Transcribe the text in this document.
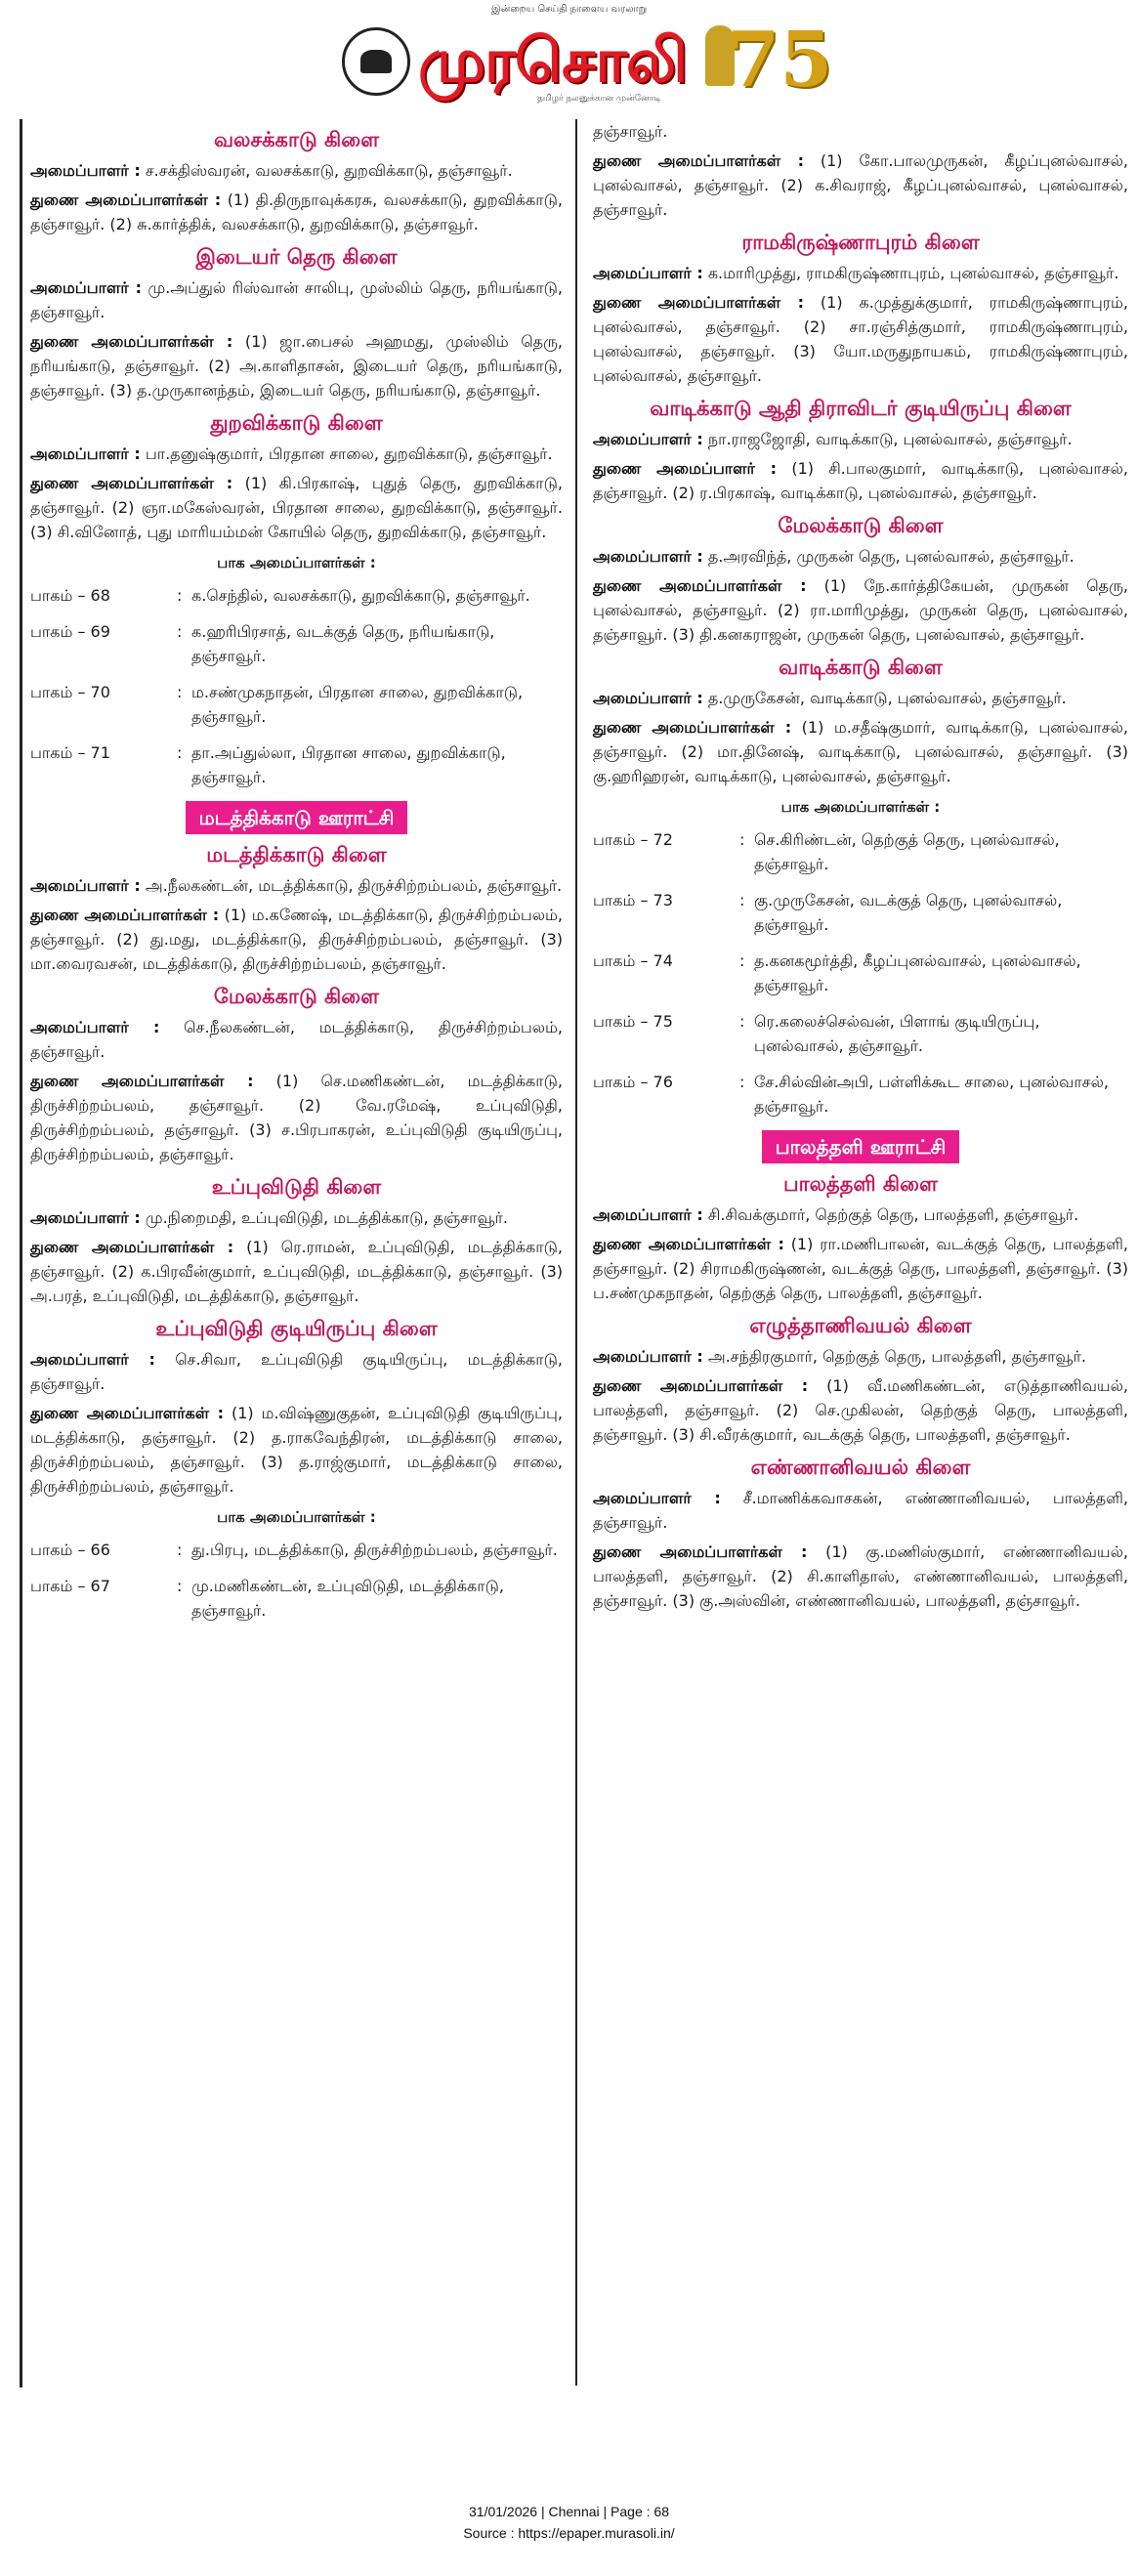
இன்றைய செய்தி நாளைய வரலாறு
முரசொலி 75
தமிழர் நலனுக்கான முன்னோடி
வலசக்காடு கிளை
அமைப்பாளர் : ச.சக்திஸ்வரன், வலசக்காடு, துறவிக்காடு, தஞ்சாவூர்.
துணை அமைப்பாளர்கள் : (1) தி.திருநாவுக்கரசு, வலசக்காடு, துறவிக்காடு, தஞ்சாவூர். (2) சு.கார்த்திக், வலசக்காடு, துறவிக்காடு, தஞ்சாவூர்.
இடையர் தெரு கிளை
அமைப்பாளர் : மு.அப்துல் ரிஸ்வான் சாலிபு, முஸ்லிம் தெரு, நரியங்காடு, தஞ்சாவூர்.
துணை அமைப்பாளர்கள் : (1) ஜா.பைசல் அஹமது, முஸ்லிம் தெரு, நரியங்காடு, தஞ்சாவூர். (2) அ.காளிதாசன், இடையர் தெரு, நரியங்காடு, தஞ்சாவூர். (3) த.முருகானந்தம், இடையர் தெரு, நரியங்காடு, தஞ்சாவூர்.
துறவிக்காடு கிளை
அமைப்பாளர் : பா.தனுஷ்குமார், பிரதான சாலை, துறவிக்காடு, தஞ்சாவூர்.
துணை அமைப்பாளர்கள் : (1) கி.பிரகாஷ், புதுத் தெரு, துறவிக்காடு, தஞ்சாவூர். (2) ஞா.மகேஸ்வரன், பிரதான சாலை, துறவிக்காடு, தஞ்சாவூர். (3) சி.வினோத், புது மாரியம்மன் கோயில் தெரு, துறவிக்காடு, தஞ்சாவூர்.
பாக அமைப்பாளர்கள் :
பாகம் – 68	: க.செந்தில், வலசக்காடு, துறவிக்காடு, தஞ்சாவூர்.
பாகம் – 69	: க.ஹரிபிரசாத், வடக்குத் தெரு, நரியங்காடு, தஞ்சாவூர்.
பாகம் – 70	: ம.சண்முகநாதன், பிரதான சாலை, துறவிக்காடு, தஞ்சாவூர்.
பாகம் – 71	: தா.அப்துல்லா, பிரதான சாலை, துறவிக்காடு, தஞ்சாவூர்.
மடத்திக்காடு ஊராட்சி
மடத்திக்காடு கிளை
அமைப்பாளர் : அ.நீலகண்டன், மடத்திக்காடு, திருச்சிற்றம்பலம், தஞ்சாவூர்.
துணை அமைப்பாளர்கள் : (1) ம.கணேஷ், மடத்திக்காடு, திருச்சிற்றம்பலம், தஞ்சாவூர். (2) து.மது, மடத்திக்காடு, திருச்சிற்றம்பலம், தஞ்சாவூர். (3) மா.வைரவசன், மடத்திக்காடு, திருச்சிற்றம்பலம், தஞ்சாவூர்.
மேலக்காடு கிளை
அமைப்பாளர் : செ.நீலகண்டன், மடத்திக்காடு, திருச்சிற்றம்பலம், தஞ்சாவூர்.
துணை அமைப்பாளர்கள் : (1) செ.மணிகண்டன், மடத்திக்காடு, திருச்சிற்றம்பலம், தஞ்சாவூர். (2) வே.ரமேஷ், உப்புவிடுதி, திருச்சிற்றம்பலம், தஞ்சாவூர். (3) ச.பிரபாகரன், உப்புவிடுதி குடியிருப்பு, திருச்சிற்றம்பலம், தஞ்சாவூர்.
உப்புவிடுதி கிளை
அமைப்பாளர் : மு.நிறைமதி, உப்புவிடுதி, மடத்திக்காடு, தஞ்சாவூர்.
துணை அமைப்பாளர்கள் : (1) ரெ.ராமன், உப்புவிடுதி, மடத்திக்காடு, தஞ்சாவூர். (2) க.பிரவீன்குமார், உப்புவிடுதி, மடத்திக்காடு, தஞ்சாவூர். (3) அ.பரத், உப்புவிடுதி, மடத்திக்காடு, தஞ்சாவூர்.
உப்புவிடுதி குடியிருப்பு கிளை
அமைப்பாளர் : செ.சிவா, உப்புவிடுதி குடியிருப்பு, மடத்திக்காடு, தஞ்சாவூர்.
துணை அமைப்பாளர்கள் : (1) ம.விஷ்ணுகுதன், உப்புவிடுதி குடியிருப்பு, மடத்திக்காடு, தஞ்சாவூர். (2) த.ராகவேந்திரன், மடத்திக்காடு சாலை, திருச்சிற்றம்பலம், தஞ்சாவூர். (3) த.ராஜ்குமார், மடத்திக்காடு சாலை, திருச்சிற்றம்பலம், தஞ்சாவூர்.
பாக அமைப்பாளர்கள் :
பாகம் – 66	: து.பிரபு, மடத்திக்காடு, திருச்சிற்றம்பலம், தஞ்சாவூர்.
பாகம் – 67	: மு.மணிகண்டன், உப்புவிடுதி, மடத்திக்காடு, தஞ்சாவூர்.
தஞ்சாவூர்.
துணை அமைப்பாளர்கள் : (1) கோ.பாலமுருகன், கீழப்புனல்வாசல், புனல்வாசல், தஞ்சாவூர். (2) க.சிவராஜ், கீழப்புனல்வாசல், புனல்வாசல், தஞ்சாவூர்.
ராமகிருஷ்ணாபுரம் கிளை
அமைப்பாளர் : க.மாரிமுத்து, ராமகிருஷ்ணாபுரம், புனல்வாசல், தஞ்சாவூர்.
துணை அமைப்பாளர்கள் : (1) க.முத்துக்குமார், ராமகிருஷ்ணாபுரம், புனல்வாசல், தஞ்சாவூர். (2) சா.ரஞ்சித்குமார், ராமகிருஷ்ணாபுரம், புனல்வாசல், தஞ்சாவூர். (3) யோ.மருதுநாயகம், ராமகிருஷ்ணாபுரம், புனல்வாசல், தஞ்சாவூர்.
வாடிக்காடு ஆதி திராவிடர் குடியிருப்பு கிளை
அமைப்பாளர் : நா.ராஜஜோதி, வாடிக்காடு, புனல்வாசல், தஞ்சாவூர்.
துணை அமைப்பாளர் : (1) சி.பாலகுமார், வாடிக்காடு, புனல்வாசல், தஞ்சாவூர். (2) ர.பிரகாஷ், வாடிக்காடு, புனல்வாசல், தஞ்சாவூர்.
மேலக்காடு கிளை
அமைப்பாளர் : த.அரவிந்த், முருகன் தெரு, புனல்வாசல், தஞ்சாவூர்.
துணை அமைப்பாளர்கள் : (1) நே.கார்த்திகேயன், முருகன் தெரு, புனல்வாசல், தஞ்சாவூர். (2) ரா.மாரிமுத்து, முருகன் தெரு, புனல்வாசல், தஞ்சாவூர். (3) தி.கனகராஜன், முருகன் தெரு, புனல்வாசல், தஞ்சாவூர்.
வாடிக்காடு கிளை
அமைப்பாளர் : த.முருகேசன், வாடிக்காடு, புனல்வாசல், தஞ்சாவூர்.
துணை அமைப்பாளர்கள் : (1) ம.சதீஷ்குமார், வாடிக்காடு, புனல்வாசல், தஞ்சாவூர். (2) மா.தினேஷ், வாடிக்காடு, புனல்வாசல், தஞ்சாவூர். (3) கு.ஹரிஹரன், வாடிக்காடு, புனல்வாசல், தஞ்சாவூர்.
பாக அமைப்பாளர்கள் :
பாகம் – 72	: செ.கிரிண்டன், தெற்குத் தெரு, புனல்வாசல், தஞ்சாவூர்.
பாகம் – 73	: கு.முருகேசன், வடக்குத் தெரு, புனல்வாசல், தஞ்சாவூர்.
பாகம் – 74	: த.கனகமூர்த்தி, கீழப்புனல்வாசல், புனல்வாசல், தஞ்சாவூர்.
பாகம் – 75	: ரெ.கலைச்செல்வன், பிளாங் குடியிருப்பு, புனல்வாசல், தஞ்சாவூர்.
பாகம் – 76	: சே.சில்வின்அபி, பள்ளிக்கூட சாலை, புனல்வாசல், தஞ்சாவூர்.
பாலத்தளி ஊராட்சி
பாலத்தளி கிளை
அமைப்பாளர் : சி.சிவக்குமார், தெற்குத் தெரு, பாலத்தளி, தஞ்சாவூர்.
துணை அமைப்பாளர்கள் : (1) ரா.மணிபாலன், வடக்குத் தெரு, பாலத்தளி, தஞ்சாவூர். (2) சிராமகிருஷ்ணன், வடக்குத் தெரு, பாலத்தளி, தஞ்சாவூர். (3) ப.சண்முகநாதன், தெற்குத் தெரு, பாலத்தளி, தஞ்சாவூர்.
எழுத்தாணிவயல் கிளை
அமைப்பாளர் : அ.சந்திரகுமார், தெற்குத் தெரு, பாலத்தளி, தஞ்சாவூர்.
துணை அமைப்பாளர்கள் : (1) வீ.மணிகண்டன், எடுத்தாணிவயல், பாலத்தளி, தஞ்சாவூர். (2) செ.முகிலன், தெற்குத் தெரு, பாலத்தளி, தஞ்சாவூர். (3) சி.வீரக்குமார், வடக்குத் தெரு, பாலத்தளி, தஞ்சாவூர்.
எண்ணானிவயல் கிளை
அமைப்பாளர் : சீ.மாணிக்கவாசகன், எண்ணானிவயல், பாலத்தளி, தஞ்சாவூர்.
துணை அமைப்பாளர்கள் : (1) கு.மணிஸ்குமார், எண்ணானிவயல், பாலத்தளி, தஞ்சாவூர். (2) சி.காளிதாஸ், எண்ணானிவயல், பாலத்தளி, தஞ்சாவூர். (3) கு.அஸ்வின், எண்ணானிவயல், பாலத்தளி, தஞ்சாவூர்.
31/01/2026 | Chennai | Page : 68
Source : https://epaper.murasoli.in/
